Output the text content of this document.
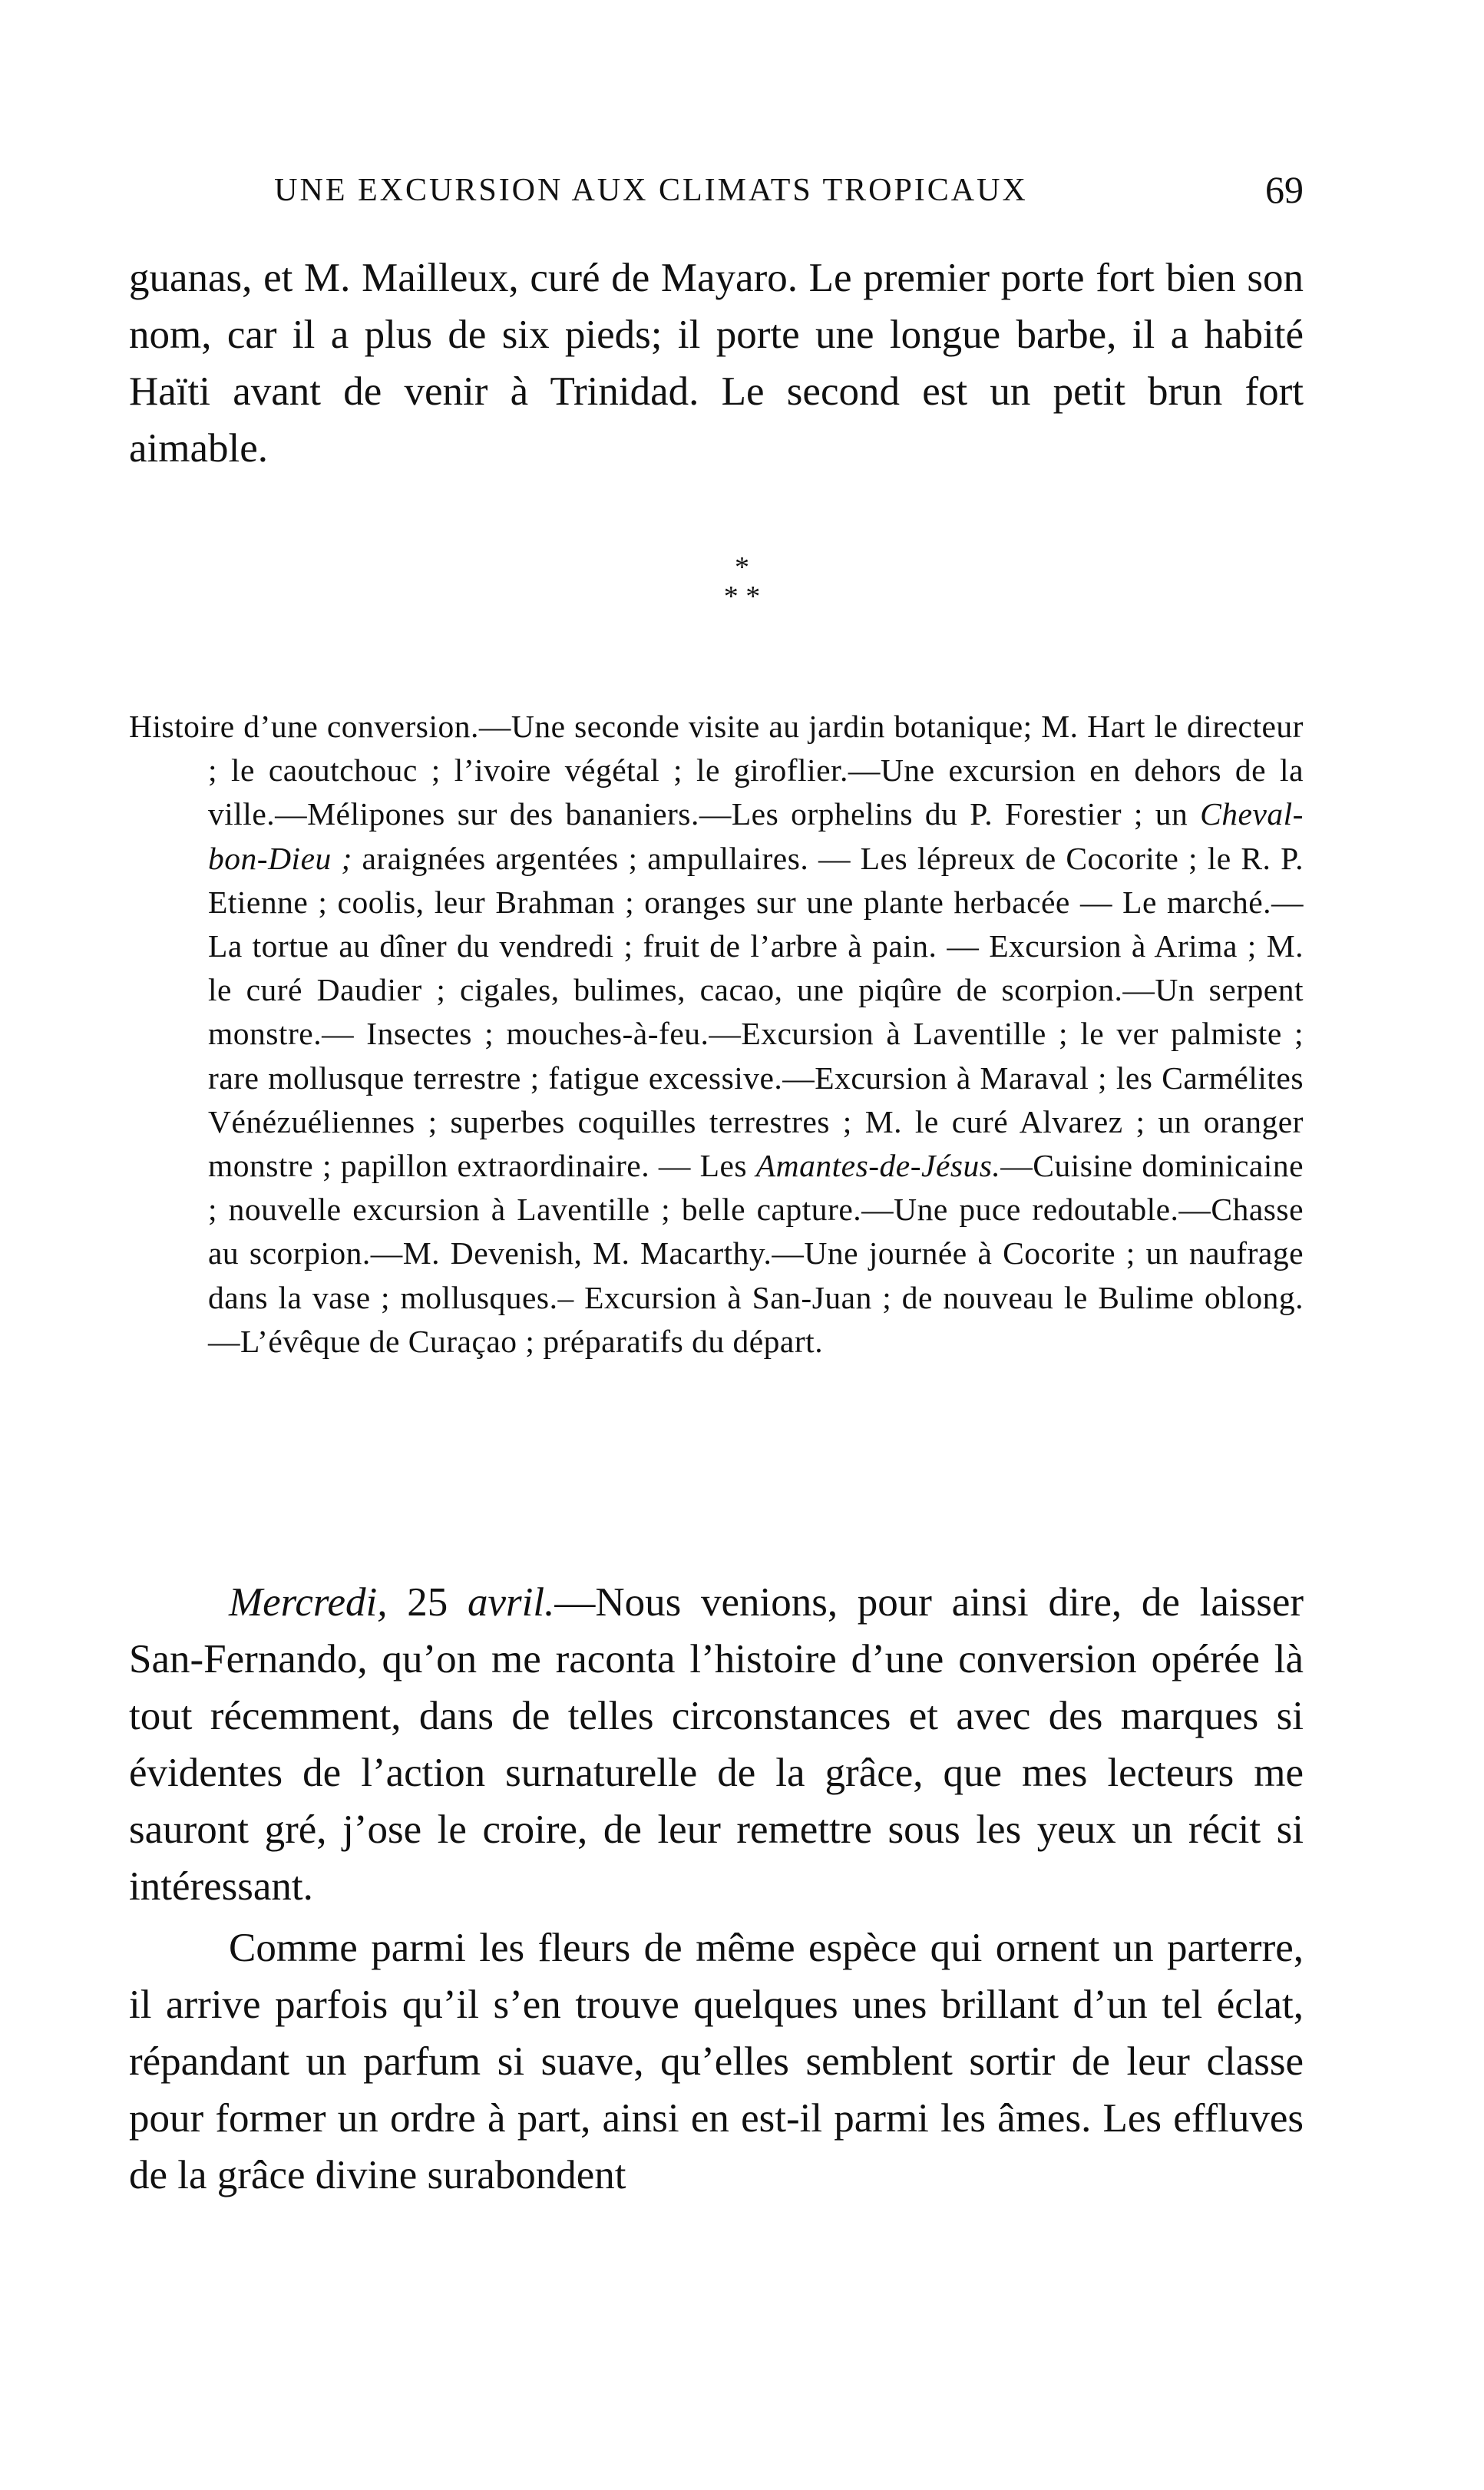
UNE EXCURSION AUX CLIMATS TROPICAUX	69

guanas, et M. Mailleux, curé de Mayaro. Le premier porte fort bien son nom, car il a plus de six pieds; il porte une longue barbe, il a habité Haïti avant de venir à Trinidad. Le second est un petit brun fort aimable.

*
* *
Histoire d’une conversion.—Une seconde visite au jardin botanique; M. Hart le directeur ; le caoutchouc ; l’ivoire végétal ; le giroflier.—Une excursion en dehors de la ville.—Mélipones sur des bananiers.—Les orphelins du P. Forestier ; un Cheval-bon-Dieu ; araignées argentées ; ampullaires. — Les lépreux de Cocorite ; le R. P. Etienne ; coolis, leur Brahman ; oranges sur une plante herbacée — Le marché.—La tortue au dîner du vendredi ; fruit de l’arbre à pain. — Excursion à Arima ; M. le curé Daudier ; cigales, bulimes, cacao, une piqûre de scorpion.—Un serpent monstre.— Insectes ; mouches-à-feu.—Excursion à Laventille ; le ver palmiste ; rare mollusque terrestre ; fatigue excessive.—Excursion à Maraval ; les Carmélites Vénézuéliennes ; superbes coquilles terrestres ; M. le curé Alvarez ; un oranger monstre ; papillon extraordinaire. — Les Amantes-de-Jésus.—Cuisine dominicaine ; nouvelle excursion à Laventille ; belle capture.—Une puce redoutable.—Chasse au scorpion.—M. Devenish, M. Macarthy.—Une journée à Cocorite ; un naufrage dans la vase ; mollusques.– Excursion à San-Juan ; de nouveau le Bulime oblong. —L’évêque de Curaçao ; préparatifs du départ.

Mercredi, 25 avril.—Nous venions, pour ainsi dire, de laisser San-Fernando, qu’on me raconta l’histoire d’une conversion opérée là tout récemment, dans de telles circonstances et avec des marques si évidentes de l’action surnaturelle de la grâce, que mes lecteurs me sauront gré, j’ose le croire, de leur remettre sous les yeux un récit si intéressant.

Comme parmi les fleurs de même espèce qui ornent un parterre, il arrive parfois qu’il s’en trouve quelques unes brillant d’un tel éclat, répandant un parfum si suave, qu’elles semblent sortir de leur classe pour former un ordre à part, ainsi en est-il parmi les âmes. Les effluves de la grâce divine surabondent
